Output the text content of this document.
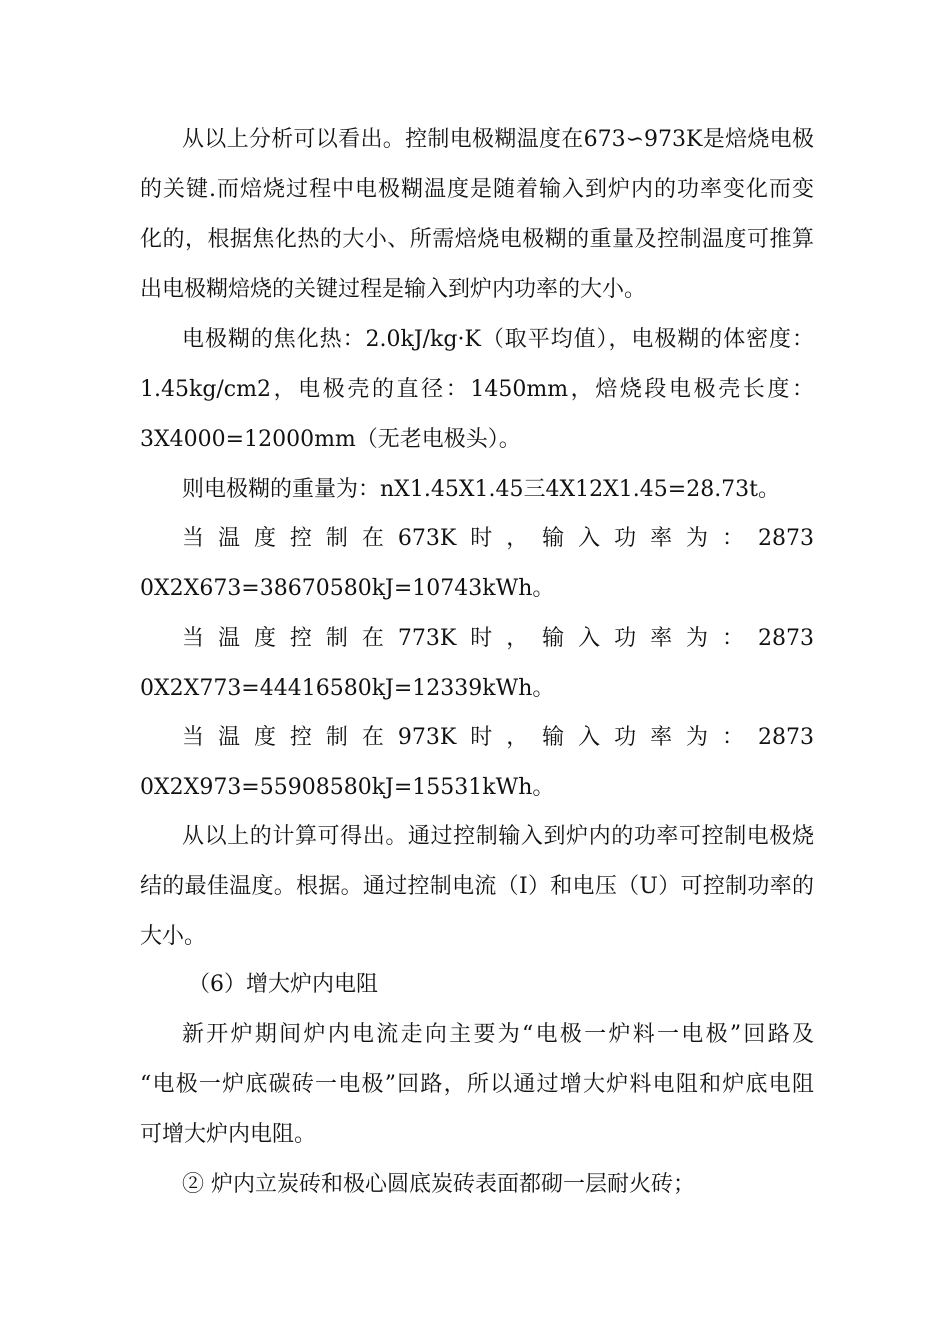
从以上分析可以看出。控制电极糊温度在673∽973K是焙烧电极
的关键.而焙烧过程中电极糊温度是随着输入到炉内的功率变化而变
化的，根据焦化热的大小、所需焙烧电极糊的重量及控制温度可推算
出电极糊焙烧的关键过程是输入到炉内功率的大小。
电极糊的焦化热：2.0kJ/kg·K（取平均值），电极糊的体密度：
1.45kg/cm2，电极壳的直径：1450mm，焙烧段电极壳长度：
3X4000=12000mm（无老电极头）。
则电极糊的重量为：nX1.45X1.45三4X12X1.45=28.73t。
当温度控制在673K时，输入功率为：2873
0X2X673=38670580kJ=10743kWh。
当温度控制在773K时，输入功率为：2873
0X2X773=44416580kJ=12339kWh。
当温度控制在973K时，输入功率为：2873
0X2X973=55908580kJ=15531kWh。
从以上的计算可得出。通过控制输入到炉内的功率可控制电极烧
结的最佳温度。根据。通过控制电流（I）和电压（U）可控制功率的
大小。
（6）增大炉内电阻
新开炉期间炉内电流走向主要为“电极一炉料一电极”回路及
“电极一炉底碳砖一电极”回路，所以通过增大炉料电阻和炉底电阻
可增大炉内电阻。
② 炉内立炭砖和极心圆底炭砖表面都砌一层耐火砖；
